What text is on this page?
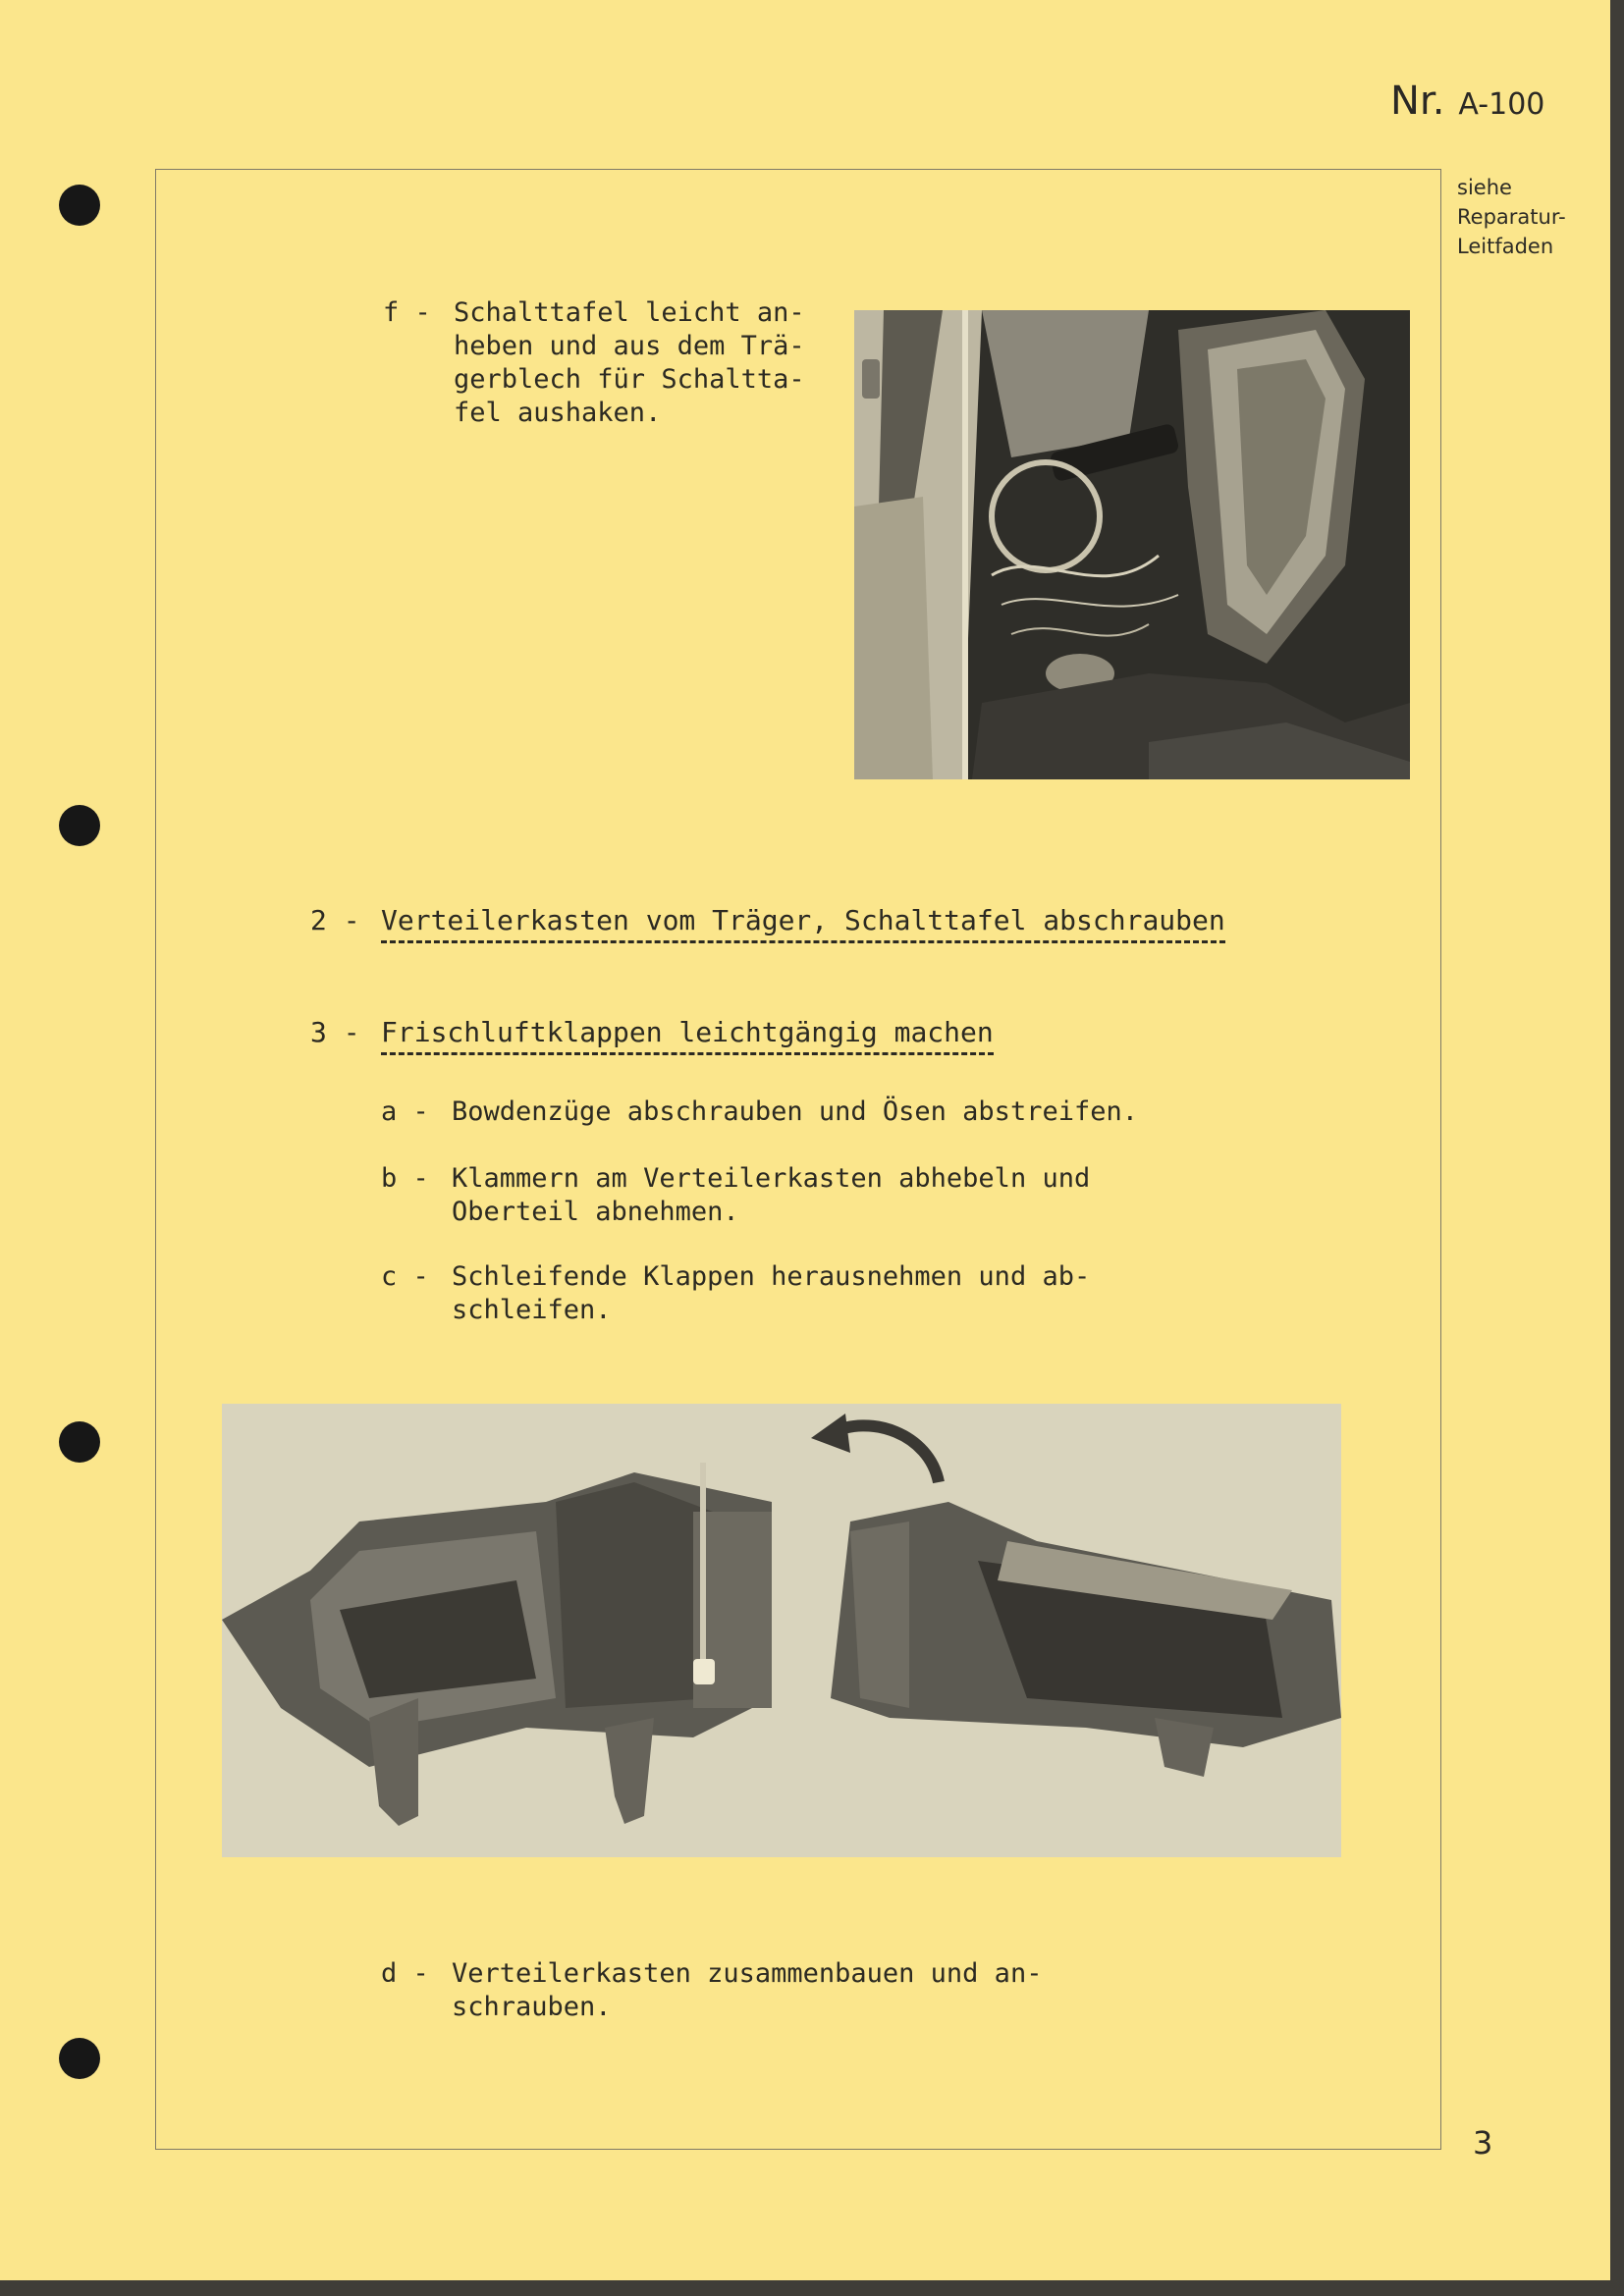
Nr. A-100
siehe
Reparatur-
Leitfaden
f - Schalttafel leicht an-
heben und aus dem Trä-
gerblech für Schaltta-
fel aushaken.
2 - Verteilerkasten vom Träger, Schalttafel abschrauben
3 - Frischluftklappen leichtgängig machen
a - Bowdenzüge abschrauben und Ösen abstreifen.
b - Klammern am Verteilerkasten abhebeln und
Oberteil abnehmen.
c - Schleifende Klappen herausnehmen und ab-
schleifen.
d - Verteilerkasten zusammenbauen und an-
schrauben.
3
